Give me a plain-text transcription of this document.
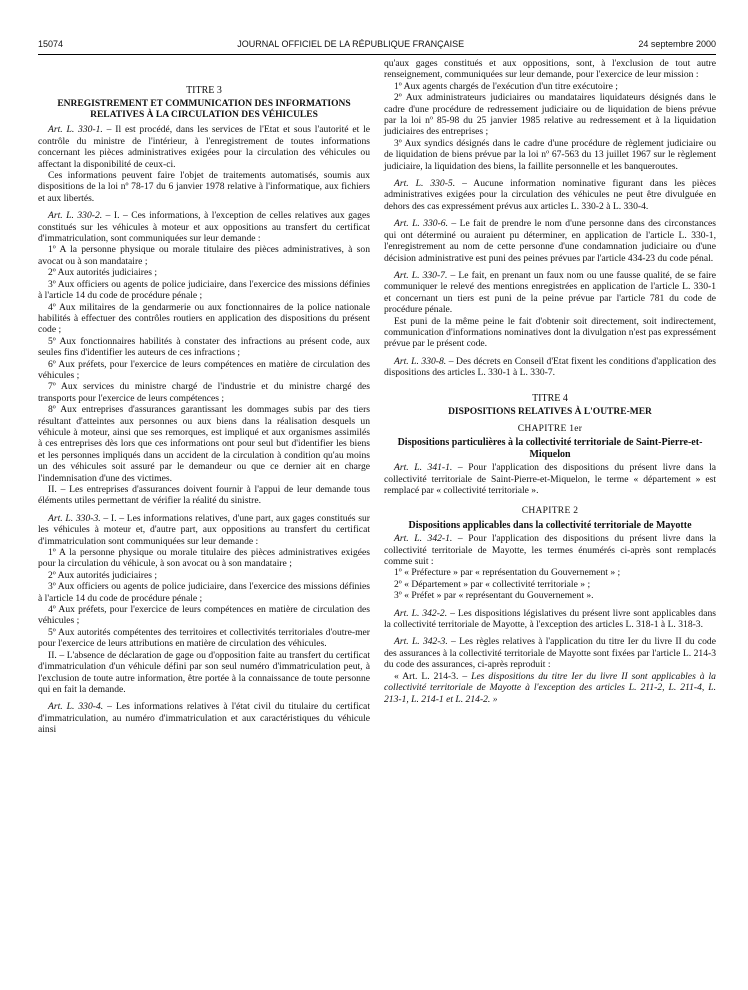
15074	JOURNAL OFFICIEL DE LA RÉPUBLIQUE FRANÇAISE	24 septembre 2000

TITRE 3

ENREGISTREMENT ET COMMUNICATION DES INFORMATIONS RELATIVES À LA CIRCULATION DES VÉHICULES

Art. L. 330-1. – Il est procédé, dans les services de l'Etat et sous l'autorité et le contrôle du ministre de l'intérieur, à l'enregistrement de toutes informations concernant les pièces administratives exigées pour la circulation des véhicules ou affectant la disponibilité de ceux-ci.

Ces informations peuvent faire l'objet de traitements automatisés, soumis aux dispositions de la loi nº 78-17 du 6 janvier 1978 relative à l'informatique, aux fichiers et aux libertés.

Art. L. 330-2. – I. – Ces informations, à l'exception de celles relatives aux gages constitués sur les véhicules à moteur et aux oppositions au transfert du certificat d'immatriculation, sont communiquées sur leur demande :

1º A la personne physique ou morale titulaire des pièces administratives, à son avocat ou à son mandataire ;

2º Aux autorités judiciaires ;

3º Aux officiers ou agents de police judiciaire, dans l'exercice des missions définies à l'article 14 du code de procédure pénale ;

4º Aux militaires de la gendarmerie ou aux fonctionnaires de la police nationale habilités à effectuer des contrôles routiers en application des dispositions du présent code ;

5º Aux fonctionnaires habilités à constater des infractions au présent code, aux seules fins d'identifier les auteurs de ces infractions ;

6º Aux préfets, pour l'exercice de leurs compétences en matière de circulation des véhicules ;

7º Aux services du ministre chargé de l'industrie et du ministre chargé des transports pour l'exercice de leurs compétences ;

8º Aux entreprises d'assurances garantissant les dommages subis par des tiers résultant d'atteintes aux personnes ou aux biens dans la réalisation desquels un véhicule à moteur, ainsi que ses remorques, est impliqué et aux organismes assimilés à ces entreprises dès lors que ces informations ont pour seul but d'identifier les biens et les personnes impliqués dans un accident de la circulation à condition qu'au moins un des véhicules soit assuré par le demandeur ou que ce dernier ait en charge l'indemnisation d'une des victimes.

II. – Les entreprises d'assurances doivent fournir à l'appui de leur demande tous éléments utiles permettant de vérifier la réalité du sinistre.

Art. L. 330-3. – I. – Les informations relatives, d'une part, aux gages constitués sur les véhicules à moteur et, d'autre part, aux oppositions au transfert du certificat d'immatriculation sont communiquées sur leur demande :

1º A la personne physique ou morale titulaire des pièces administratives exigées pour la circulation du véhicule, à son avocat ou à son mandataire ;

2º Aux autorités judiciaires ;

3º Aux officiers ou agents de police judiciaire, dans l'exercice des missions définies à l'article 14 du code de procédure pénale ;

4º Aux préfets, pour l'exercice de leurs compétences en matière de circulation des véhicules ;

5º Aux autorités compétentes des territoires et collectivités territoriales d'outre-mer pour l'exercice de leurs attributions en matière de circulation des véhicules.

II. – L'absence de déclaration de gage ou d'opposition faite au transfert du certificat d'immatriculation d'un véhicule défini par son seul numéro d'immatriculation peut, à l'exclusion de toute autre information, être portée à la connaissance de toute personne qui en fait la demande.

Art. L. 330-4. – Les informations relatives à l'état civil du titulaire du certificat d'immatriculation, au numéro d'immatriculation et aux caractéristiques du véhicule ainsi

qu'aux gages constitués et aux oppositions, sont, à l'exclusion de tout autre renseignement, communiquées sur leur demande, pour l'exercice de leur mission :

1º Aux agents chargés de l'exécution d'un titre exécutoire ;

2º Aux administrateurs judiciaires ou mandataires liquidateurs désignés dans le cadre d'une procédure de redressement judiciaire ou de liquidation de biens prévue par la loi nº 85-98 du 25 janvier 1985 relative au redressement et à la liquidation judiciaires des entreprises ;

3º Aux syndics désignés dans le cadre d'une procédure de règlement judiciaire ou de liquidation de biens prévue par la loi nº 67-563 du 13 juillet 1967 sur le règlement judiciaire, la liquidation des biens, la faillite personnelle et les banqueroutes.

Art. L. 330-5. – Aucune information nominative figurant dans les pièces administratives exigées pour la circulation des véhicules ne peut être divulguée en dehors des cas expressément prévus aux articles L. 330-2 à L. 330-4.

Art. L. 330-6. – Le fait de prendre le nom d'une personne dans des circonstances qui ont déterminé ou auraient pu déterminer, en application de l'article L. 330-1, l'enregistrement au nom de cette personne d'une condamnation judiciaire ou d'une décision administrative est puni des peines prévues par l'article 434-23 du code pénal.

Art. L. 330-7. – Le fait, en prenant un faux nom ou une fausse qualité, de se faire communiquer le relevé des mentions enregistrées en application de l'article L. 330-1 et concernant un tiers est puni de la peine prévue par l'article 781 du code de procédure pénale.

Est puni de la même peine le fait d'obtenir soit directement, soit indirectement, communication d'informations nominatives dont la divulgation n'est pas expressément prévue par le présent code.

Art. L. 330-8. – Des décrets en Conseil d'Etat fixent les conditions d'application des dispositions des articles L. 330-1 à L. 330-7.

TITRE 4

DISPOSITIONS RELATIVES À L'OUTRE-MER

CHAPITRE 1er

Dispositions particulières à la collectivité territoriale de Saint-Pierre-et-Miquelon

Art. L. 341-1. – Pour l'application des dispositions du présent livre dans la collectivité territoriale de Saint-Pierre-et-Miquelon, le terme « département » est remplacé par « collectivité territoriale ».

CHAPITRE 2

Dispositions applicables dans la collectivité territoriale de Mayotte

Art. L. 342-1. – Pour l'application des dispositions du présent livre dans la collectivité territoriale de Mayotte, les termes énumérés ci-après sont remplacés comme suit :

1º « Préfecture » par « représentation du Gouvernement » ;

2º « Département » par « collectivité territoriale » ;

3º « Préfet » par « représentant du Gouvernement ».

Art. L. 342-2. – Les dispositions législatives du présent livre sont applicables dans la collectivité territoriale de Mayotte, à l'exception des articles L. 318-1 à L. 318-3.

Art. L. 342-3. – Les règles relatives à l'application du titre Ier du livre II du code des assurances à la collectivité territoriale de Mayotte sont fixées par l'article L. 214-3 du code des assurances, ci-après reproduit :

« Art. L. 214-3. – Les dispositions du titre Ier du livre II sont applicables à la collectivité territoriale de Mayotte à l'exception des articles L. 211-2, L. 211-4, L. 213-1, L. 214-1 et L. 214-2. »
